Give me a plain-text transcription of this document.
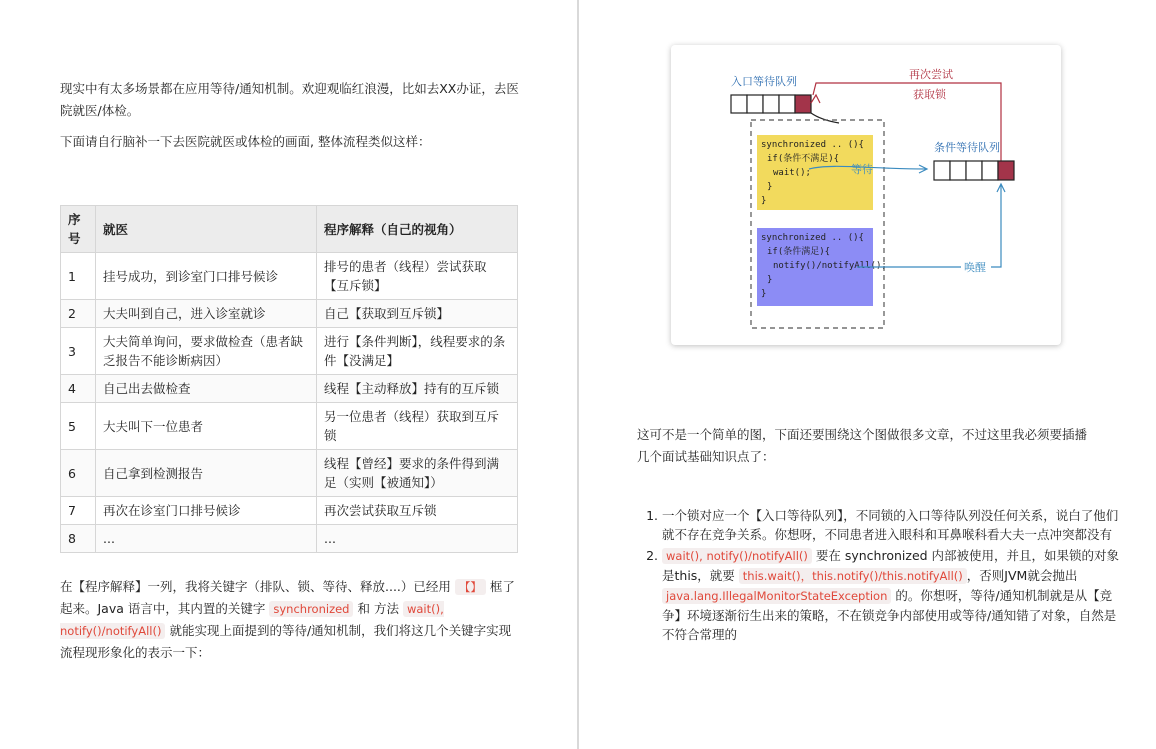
现实中有太多场景都在应用等待/通知机制。欢迎观临红浪漫，比如去XX办证，去医院就医/体检。
下面请自行脑补一下去医院就医或体检的画面, 整体流程类似这样：
序号	就医	程序解释（自己的视角）
1	挂号成功，到诊室门口排号候诊	排号的患者（线程）尝试获取【互斥锁】
2	大夫叫到自己，进入诊室就诊	自己【获取到互斥锁】
3	大夫简单询问，要求做检查（患者缺乏报告不能诊断病因）	进行【条件判断】，线程要求的条件【没满足】
4	自己出去做检查	线程【主动释放】持有的互斥锁
5	大夫叫下一位患者	另一位患者（线程）获取到互斥锁
6	自己拿到检测报告	线程【曾经】要求的条件得到满足（实则【被通知】）
7	再次在诊室门口排号候诊	再次尝试获取互斥锁
8	...	...
在【程序解释】一列，我将关键字（排队、锁、等待、释放....）已经用 【】 框了起来。Java 语言中，其内置的关键字 synchronized 和 方法 wait(), notify()/notifyAll() 就能实现上面提到的等待/通知机制，我们将这几个关键字实现流程现形象化的表示一下：
入口等待队列
再次尝试
获取锁
synchronized .. (){
if(条件不满足){
wait();
}
}
synchronized .. (){
if(条件满足){
notify()/notifyAll();
}
}
条件等待队列
等待
唤醒
这可不是一个简单的图，下面还要围绕这个图做很多文章，不过这里我必须要插播几个面试基础知识点了：
1. 一个锁对应一个【入口等待队列】，不同锁的入口等待队列没任何关系，说白了他们就不存在竞争关系。你想呀，不同患者进入眼科和耳鼻喉科看大夫一点冲突都没有
2. wait(), notify()/notifyAll() 要在 synchronized 内部被使用，并且，如果锁的对象是this，就要 this.wait()，this.notify()/this.notifyAll() ，否则JVM就会抛出 java.lang.IllegalMonitorStateException 的。你想呀，等待/通知机制就是从【竞争】环境逐渐衍生出来的策略，不在锁竞争内部使用或等待/通知错了对象，自然是不符合常理的
